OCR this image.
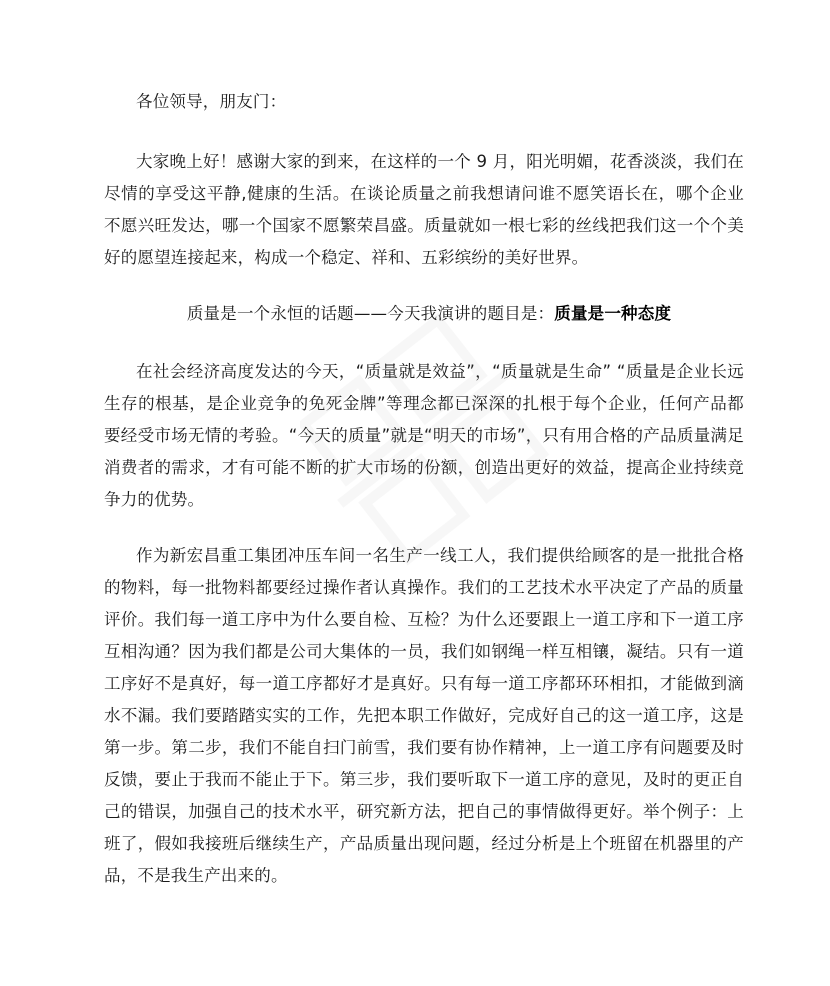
各位领导，朋友门：

大家晚上好！感谢大家的到来，在这样的一个 9 月，阳光明媚，花香淡淡，我们在尽情的享受这平静,健康的生活。在谈论质量之前我想请问谁不愿笑语长在，哪个企业不愿兴旺发达，哪一个国家不愿繁荣昌盛。质量就如一根七彩的丝线把我们这一个个美好的愿望连接起来，构成一个稳定、祥和、五彩缤纷的美好世界。

质量是一个永恒的话题——今天我演讲的题目是：质量是一种态度

在社会经济高度发达的今天，“质量就是效益”，“质量就是生命” “质量是企业长远生存的根基，是企业竞争的免死金牌”等理念都已深深的扎根于每个企业，任何产品都要经受市场无情的考验。“今天的质量”就是“明天的市场”，只有用合格的产品质量满足消费者的需求，才有可能不断的扩大市场的份额，创造出更好的效益，提高企业持续竞争力的优势。

作为新宏昌重工集团冲压车间一名生产一线工人，我们提供给顾客的是一批批合格的物料，每一批物料都要经过操作者认真操作。我们的工艺技术水平决定了产品的质量评价。我们每一道工序中为什么要自检、互检？为什么还要跟上一道工序和下一道工序互相沟通？因为我们都是公司大集体的一员，我们如钢绳一样互相镶，凝结。只有一道工序好不是真好，每一道工序都好才是真好。只有每一道工序都环环相扣，才能做到滴水不漏。我们要踏踏实实的工作，先把本职工作做好，完成好自己的这一道工序，这是第一步。第二步，我们不能自扫门前雪，我们要有协作精神，上一道工序有问题要及时反馈，要止于我而不能止于下。第三步，我们要听取下一道工序的意见，及时的更正自己的错误，加强自己的技术水平，研究新方法，把自己的事情做得更好。举个例子：上班了，假如我接班后继续生产，产品质量出现问题，经过分析是上个班留在机器里的产品，不是我生产出来的。
